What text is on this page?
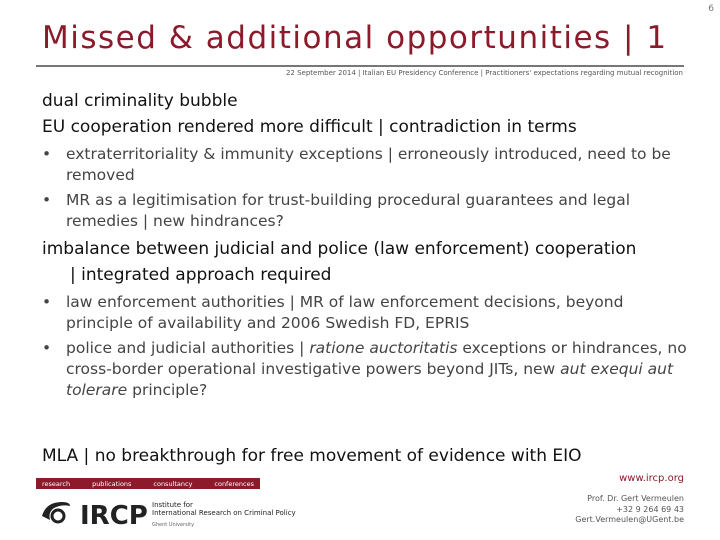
6
Missed & additional opportunities | 1
22 September 2014 | Italian EU Presidency Conference | Practitioners' expectations regarding mutual recognition
dual criminality bubble
EU cooperation rendered more difficult | contradiction in terms
• extraterritoriality & immunity exceptions | erroneously introduced, need to be removed
• MR as a legitimisation for trust-building procedural guarantees and legal remedies | new hindrances?
imbalance between judicial and police (law enforcement) cooperation
| integrated approach required
• law enforcement authorities | MR of law enforcement decisions, beyond principle of availability and 2006 Swedish FD, EPRIS
• police and judicial authorities | ratione auctoritatis exceptions or hindrances, no cross-border operational investigative powers beyond JITs, new aut exequi aut tolerare principle?
MLA | no breakthrough for free movement of evidence with EIO
www.ircp.org
research	publications	consultancy	conferences
IRCP Institute for
International Research on Criminal Policy
Ghent University
Prof. Dr. Gert Vermeulen
+32 9 264 69 43
Gert.Vermeulen@UGent.be
